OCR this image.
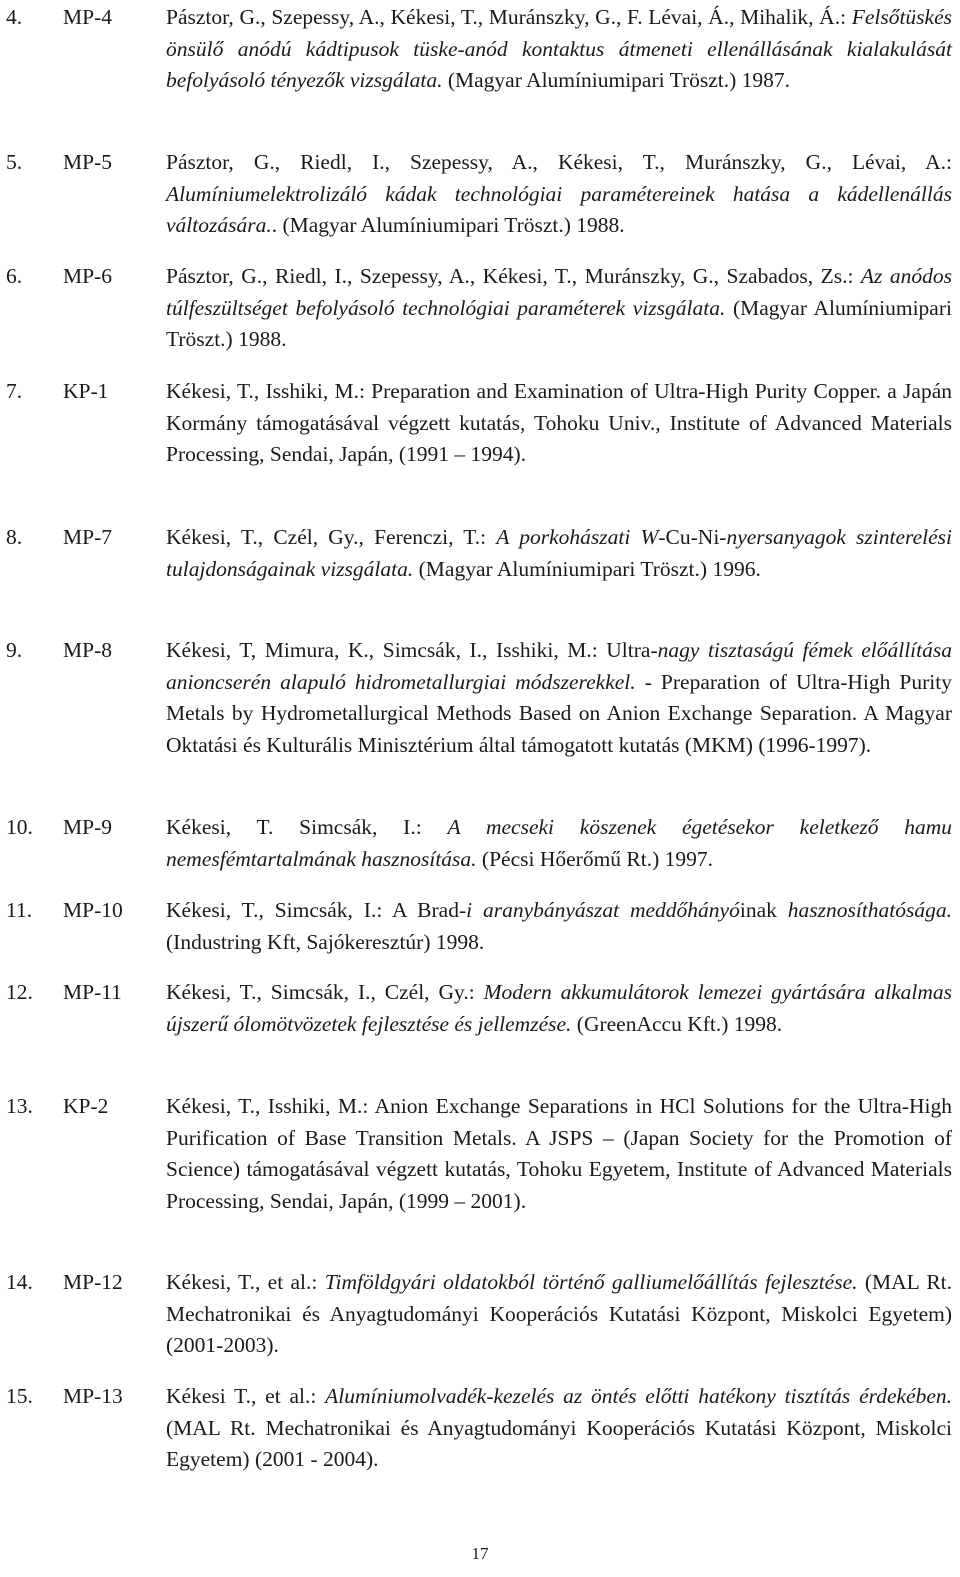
4. MP-4	Pásztor, G., Szepessy, A., Kékesi, T., Muránszky, G., F. Lévai, Á., Mihalik, Á.: Felsőtüskés önsülő anódú kádtipusok tüske-anód kontaktus átmeneti ellenállásának kialakulását befolyásoló tényezők vizsgálata. (Magyar Alumíniumipari Tröszt.) 1987.
5. MP-5	Pásztor, G., Riedl, I., Szepessy, A., Kékesi, T., Muránszky, G., Lévai, A.: Alumíniumelektrolizáló kádak technológiai paramétereinek hatása a kádellenállás változására.. (Magyar Alumíniumipari Tröszt.) 1988.
6. MP-6	Pásztor, G., Riedl, I., Szepessy, A., Kékesi, T., Muránszky, G., Szabados, Zs.: Az anódos túlfeszültséget befolyásoló technológiai paraméterek vizsgálata. (Magyar Alumíniumipari Tröszt.) 1988.
7. KP-1	Kékesi, T., Isshiki, M.: Preparation and Examination of Ultra-High Purity Copper. a Japán Kormány támogatásával végzett kutatás, Tohoku Univ., Institute of Advanced Materials Processing, Sendai, Japán, (1991 – 1994).
8. MP-7	Kékesi, T., Czél, Gy., Ferenczi, T.: A porkohászati W-Cu-Ni-nyersanyagok szinterelési tulajdonságainak vizsgálata. (Magyar Alumíniumipari Tröszt.) 1996.
9. MP-8	Kékesi, T, Mimura, K., Simcsák, I., Isshiki, M.: Ultra-nagy tisztaságú fémek előállítása anioncserén alapuló hidrometallurgiai módszerekkel. - Preparation of Ultra-High Purity Metals by Hydrometallurgical Methods Based on Anion Exchange Separation. A Magyar Oktatási és Kulturális Minisztérium által támogatott kutatás (MKM) (1996-1997).
10. MP-9	Kékesi, T. Simcsák, I.: A mecseki köszenek égetésekor keletkező hamu nemesfémtartalmának hasznosítása. (Pécsi Hőerőmű Rt.) 1997.
11. MP-10 Kékesi, T., Simcsák, I.: A Brad-i aranybányászat meddőhányóinak hasznosíthatósága. (Industring Kft, Sajókeresztúr) 1998.
12. MP-11 Kékesi, T., Simcsák, I., Czél, Gy.: Modern akkumulátorok lemezei gyártására alkalmas újszerű ólomötvözetek fejlesztése és jellemzése. (GreenAccu Kft.) 1998.
13. KP-2	Kékesi, T., Isshiki, M.: Anion Exchange Separations in HCl Solutions for the Ultra-High Purification of Base Transition Metals. A JSPS – (Japan Society for the Promotion of Science) támogatásával végzett kutatás, Tohoku Egyetem, Institute of Advanced Materials Processing, Sendai, Japán, (1999 – 2001).
14. MP-12 Kékesi, T., et al.: Timföldgyári oldatokból történő galliumelőállítás fejlesztése. (MAL Rt. Mechatronikai és Anyagtudományi Kooperációs Kutatási Központ, Miskolci Egyetem) (2001-2003).
15. MP-13 Kékesi T., et al.: Alumíniumolvadék-kezelés az öntés előtti hatékony tisztítás érdekében. (MAL Rt. Mechatronikai és Anyagtudományi Kooperációs Kutatási Központ, Miskolci Egyetem) (2001 - 2004).
17
